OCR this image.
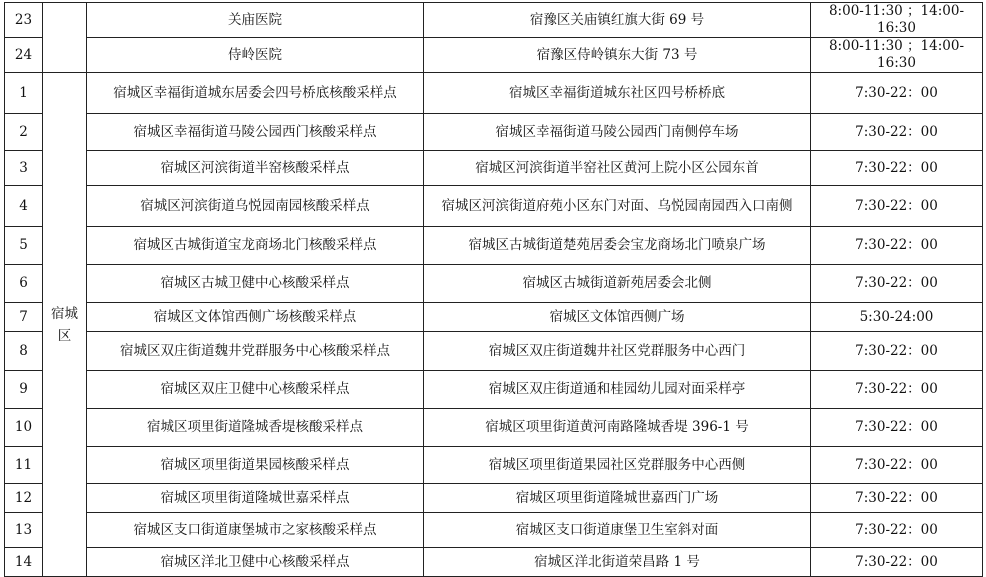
23		关庙医院	宿豫区关庙镇红旗大街 69 号	8:00-11:30 ；14:00-16:30
24		侍岭医院	宿豫区侍岭镇东大街 73 号	8:00-11:30 ；14:00-16:30
1	宿城区	宿城区幸福街道城东居委会四号桥底核酸采样点	宿城区幸福街道城东社区四号桥桥底	7:30-22：00
2		宿城区幸福街道马陵公园西门核酸采样点	宿城区幸福街道马陵公园西门南侧停车场	7:30-22：00
3		宿城区河滨街道半窑核酸采样点	宿城区河滨街道半窑社区黄河上院小区公园东首	7:30-22：00
4		宿城区河滨街道乌悦园南园核酸采样点	宿城区河滨街道府苑小区东门对面、乌悦园南园西入口南侧	7:30-22：00
5		宿城区古城街道宝龙商场北门核酸采样点	宿城区古城街道楚苑居委会宝龙商场北门喷泉广场	7:30-22：00
6		宿城区古城卫健中心核酸采样点	宿城区古城街道新苑居委会北侧	7:30-22：00
7		宿城区文体馆西侧广场核酸采样点	宿城区文体馆西侧广场	5:30-24:00
8		宿城区双庄街道魏井党群服务中心核酸采样点	宿城区双庄街道魏井社区党群服务中心西门	7:30-22：00
9		宿城区双庄卫健中心核酸采样点	宿城区双庄街道通和桂园幼儿园对面采样亭	7:30-22：00
10		宿城区项里街道隆城香堤核酸采样点	宿城区项里街道黄河南路隆城香堤 396-1 号	7:30-22：00
11		宿城区项里街道果园核酸采样点	宿城区项里街道果园社区党群服务中心西侧	7:30-22：00
12		宿城区项里街道隆城世嘉采样点	宿城区项里街道隆城世嘉西门广场	7:30-22：00
13		宿城区支口街道康堡城市之家核酸采样点	宿城区支口街道康堡卫生室斜对面	7:30-22：00
14		宿城区洋北卫健中心核酸采样点	宿城区洋北街道荣昌路 1 号	7:30-22：00
